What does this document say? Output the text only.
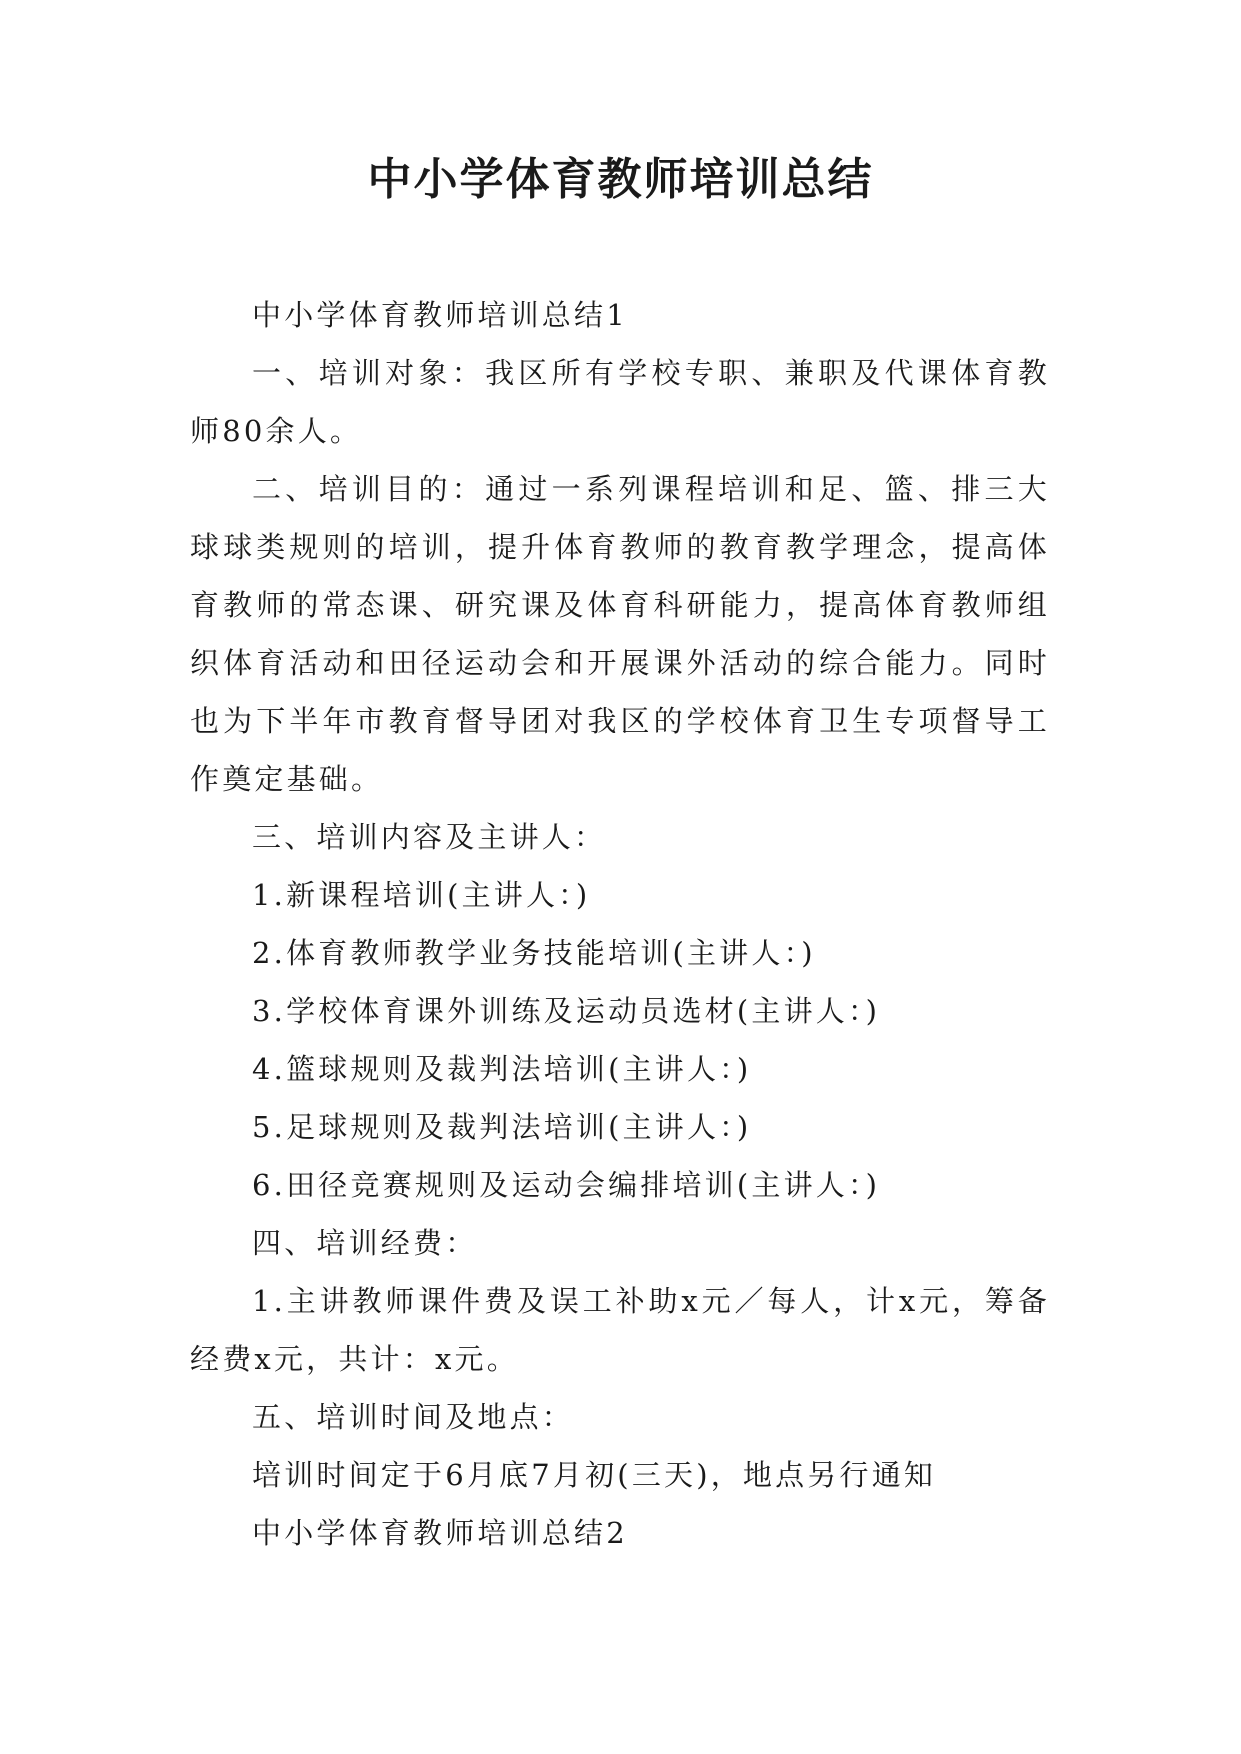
中小学体育教师培训总结

中小学体育教师培训总结1

一、培训对象：我区所有学校专职、兼职及代课体育教师80余人。

二、培训目的：通过一系列课程培训和足、篮、排三大球球类规则的培训，提升体育教师的教育教学理念，提高体育教师的常态课、研究课及体育科研能力，提高体育教师组织体育活动和田径运动会和开展课外活动的综合能力。同时也为下半年市教育督导团对我区的学校体育卫生专项督导工作奠定基础。

三、培训内容及主讲人：

1.新课程培训(主讲人：)

2.体育教师教学业务技能培训(主讲人：)

3.学校体育课外训练及运动员选材(主讲人：)

4.篮球规则及裁判法培训(主讲人：)

5.足球规则及裁判法培训(主讲人：)

6.田径竞赛规则及运动会编排培训(主讲人：)

四、培训经费：

1.主讲教师课件费及误工补助x元／每人，计x元，筹备经费x元，共计：x元。

五、培训时间及地点：

培训时间定于6月底7月初(三天)，地点另行通知

中小学体育教师培训总结2
